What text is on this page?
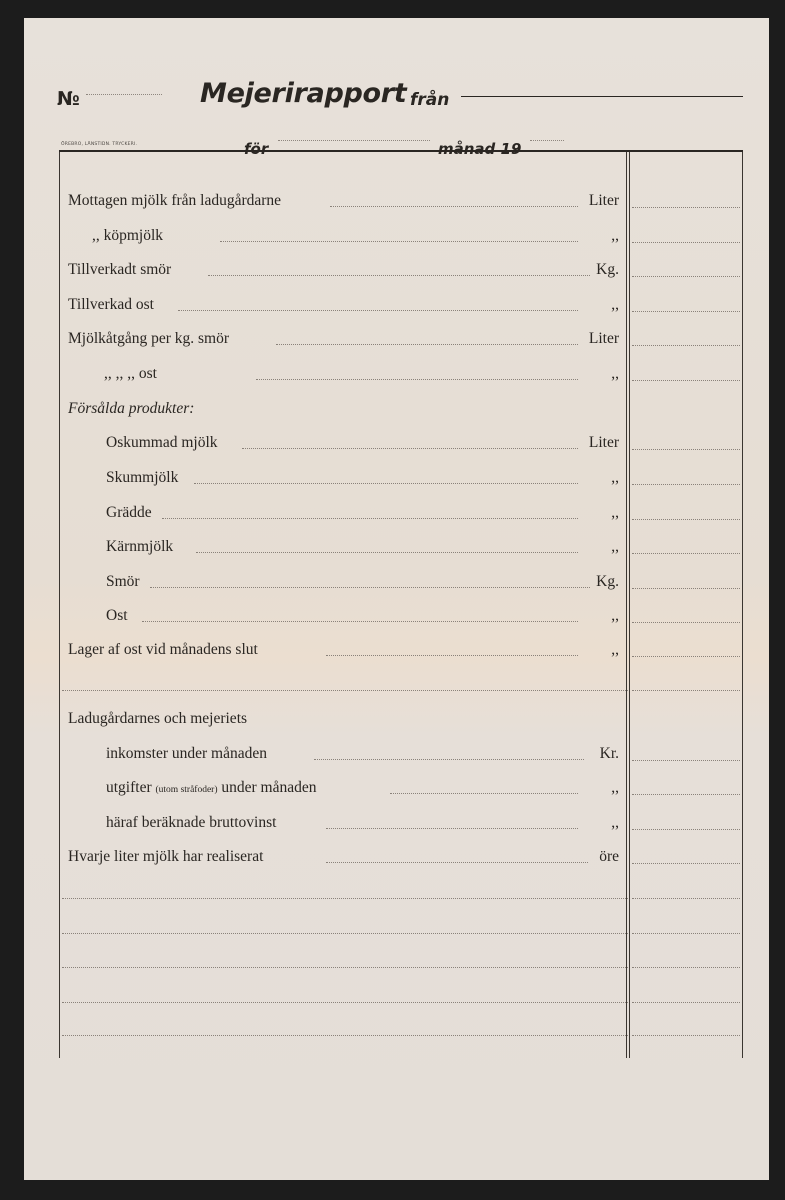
№	Mejerirapport från
ÖREBRO, LÄNSTIDN. TRYCKERI.	för	månad 19
Mottagen mjölk från ladugårdarne	Liter
,, köpmjölk	,,
Tillverkadt smör	Kg.
Tillverkad ost	,,
Mjölkåtgång per kg. smör	Liter
,, ,, ,, ost	,,
Försålda produkter:
Oskummad mjölk	Liter
Skummjölk	,,
Grädde	,,
Kärnmjölk	,,
Smör	Kg.
Ost	,,
Lager af ost vid månadens slut	,,
Ladugårdarnes och mejeriets
inkomster under månaden	Kr.
utgifter (utom stråfoder) under månaden	,,
häraf beräknade bruttovinst	,,
Hvarje liter mjölk har realiserat	öre
